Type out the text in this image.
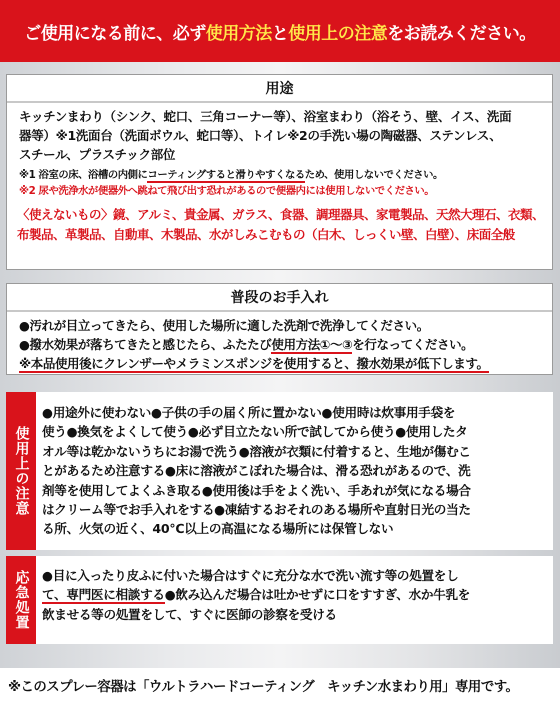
ご使用になる前に、必ず 使用方法 と 使用上の注意 をお読みください。
用途
キッチンまわり（シンク、蛇口、三角コーナー等）、浴室まわり（浴そう、壁、イス、洗面
器等）※1洗面台（洗面ボウル、蛇口等）、トイレ※2の手洗い場の陶磁器、ステンレス、
スチール、プラスチック部位
※1 浴室の床、浴槽の内側にコーティングすると滑りやすくなるため、使用しないでください。
※2 尿や洗浄水が便器外へ跳ねて飛び出す恐れがあるので便器内には使用しないでください。
〈使えないもの〉鏡、アルミ、貴金属、ガラス、食器、調理器具、家電製品、天然大理石、衣類、
布製品、革製品、自動車、木製品、水がしみこむもの（白木、しっくい壁、白壁）、床面全般
普段のお手入れ
●汚れが目立ってきたら、使用した場所に適した洗剤で洗浄してください。
●撥水効果が落ちてきたと感じたら、ふたたび使用方法①〜③を行なってください。
※本品使用後にクレンザーやメラミンスポンジを使用すると、撥水効果が低下します。
使用上の注意
●用途外に使わない●子供の手の届く所に置かない●使用時は炊事用手袋を
使う●換気をよくして使う●必ず目立たない所で試してから使う●使用したタ
オル等は乾かないうちにお湯で洗う●溶液が衣類に付着すると、生地が傷むこ
とがあるため注意する●床に溶液がこぼれた場合は、滑る恐れがあるので、洗
剤等を使用してよくふき取る●使用後は手をよく洗い、手あれが気になる場合
はクリーム等でお手入れをする●凍結するおそれのある場所や直射日光の当た
る所、火気の近く、40℃以上の高温になる場所には保管しない
応急処置 ●目に入ったり皮ふに付いた場合はすぐに充分な水で洗い流す等の処置をし
て、専門医に相談する●飲み込んだ場合は吐かせずに口をすすぎ、水か牛乳を
飲ませる等の処置をして、すぐに医師の診察を受ける
※このスプレー容器は「ウルトラハードコーティング　キッチン水まわり用」専用です。
